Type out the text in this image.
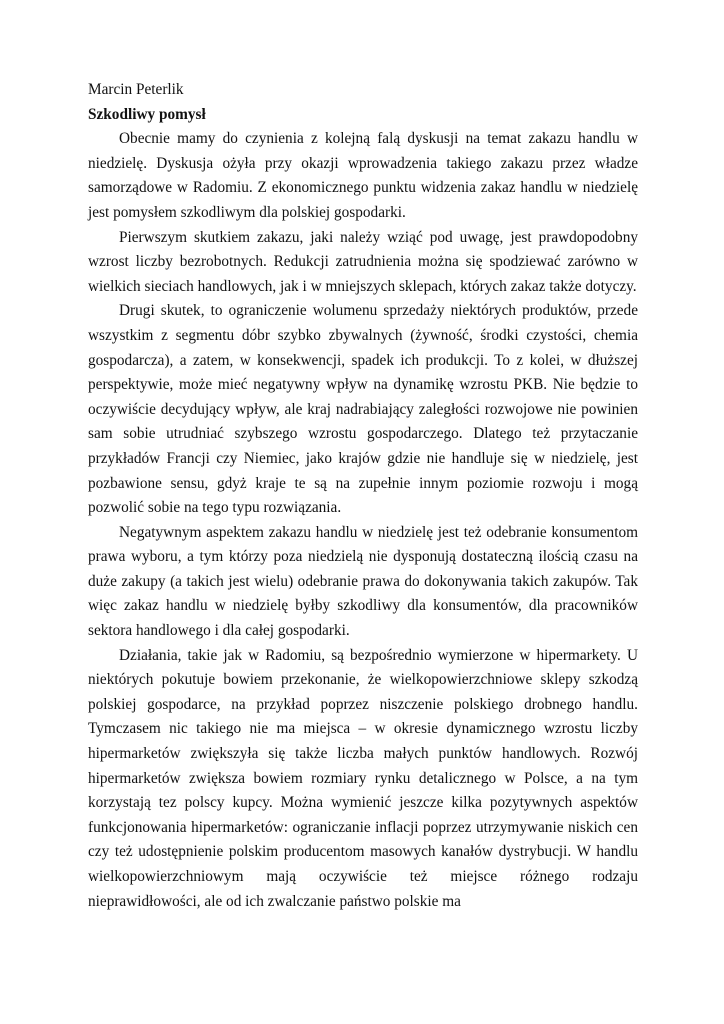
Marcin Peterlik

Szkodliwy pomysł

Obecnie mamy do czynienia z kolejną falą dyskusji na temat zakazu handlu w niedzielę. Dyskusja ożyła przy okazji wprowadzenia takiego zakazu przez władze samorządowe w Radomiu. Z ekonomicznego punktu widzenia zakaz handlu w niedzielę jest pomysłem szkodliwym dla polskiej gospodarki.

Pierwszym skutkiem zakazu, jaki należy wziąć pod uwagę, jest prawdopodobny wzrost liczby bezrobotnych. Redukcji zatrudnienia można się spodziewać zarówno w wielkich sieciach handlowych, jak i w mniejszych sklepach, których zakaz także dotyczy.

Drugi skutek, to ograniczenie wolumenu sprzedaży niektórych produktów, przede wszystkim z segmentu dóbr szybko zbywalnych (żywność, środki czystości, chemia gospodarcza), a zatem, w konsekwencji, spadek ich produkcji. To z kolei, w dłuższej perspektywie, może mieć negatywny wpływ na dynamikę wzrostu PKB. Nie będzie to oczywiście decydujący wpływ, ale kraj nadrabiający zaległości rozwojowe nie powinien sam sobie utrudniać szybszego wzrostu gospodarczego. Dlatego też przytaczanie przykładów Francji czy Niemiec, jako krajów gdzie nie handluje się w niedzielę, jest pozbawione sensu, gdyż kraje te są na zupełnie innym poziomie rozwoju i mogą pozwolić sobie na tego typu rozwiązania.

Negatywnym aspektem zakazu handlu w niedzielę jest też odebranie konsumentom prawa wyboru, a tym którzy poza niedzielą nie dysponują dostateczną ilością czasu na duże zakupy (a takich jest wielu) odebranie prawa do dokonywania takich zakupów. Tak więc zakaz handlu w niedzielę byłby szkodliwy dla konsumentów, dla pracowników sektora handlowego i dla całej gospodarki.

Działania, takie jak w Radomiu, są bezpośrednio wymierzone w hipermarkety. U niektórych pokutuje bowiem przekonanie, że wielkopowierzchniowe sklepy szkodzą polskiej gospodarce, na przykład poprzez niszczenie polskiego drobnego handlu. Tymczasem nic takiego nie ma miejsca – w okresie dynamicznego wzrostu liczby hipermarketów zwiększyła się także liczba małych punktów handlowych. Rozwój hipermarketów zwiększa bowiem rozmiary rynku detalicznego w Polsce, a na tym korzystają tez polscy kupcy. Można wymienić jeszcze kilka pozytywnych aspektów funkcjonowania hipermarketów: ograniczanie inflacji poprzez utrzymywanie niskich cen czy też udostępnienie polskim producentom masowych kanałów dystrybucji. W handlu wielkopowierzchniowym mają oczywiście też miejsce różnego rodzaju nieprawidłowości, ale od ich zwalczanie państwo polskie ma
